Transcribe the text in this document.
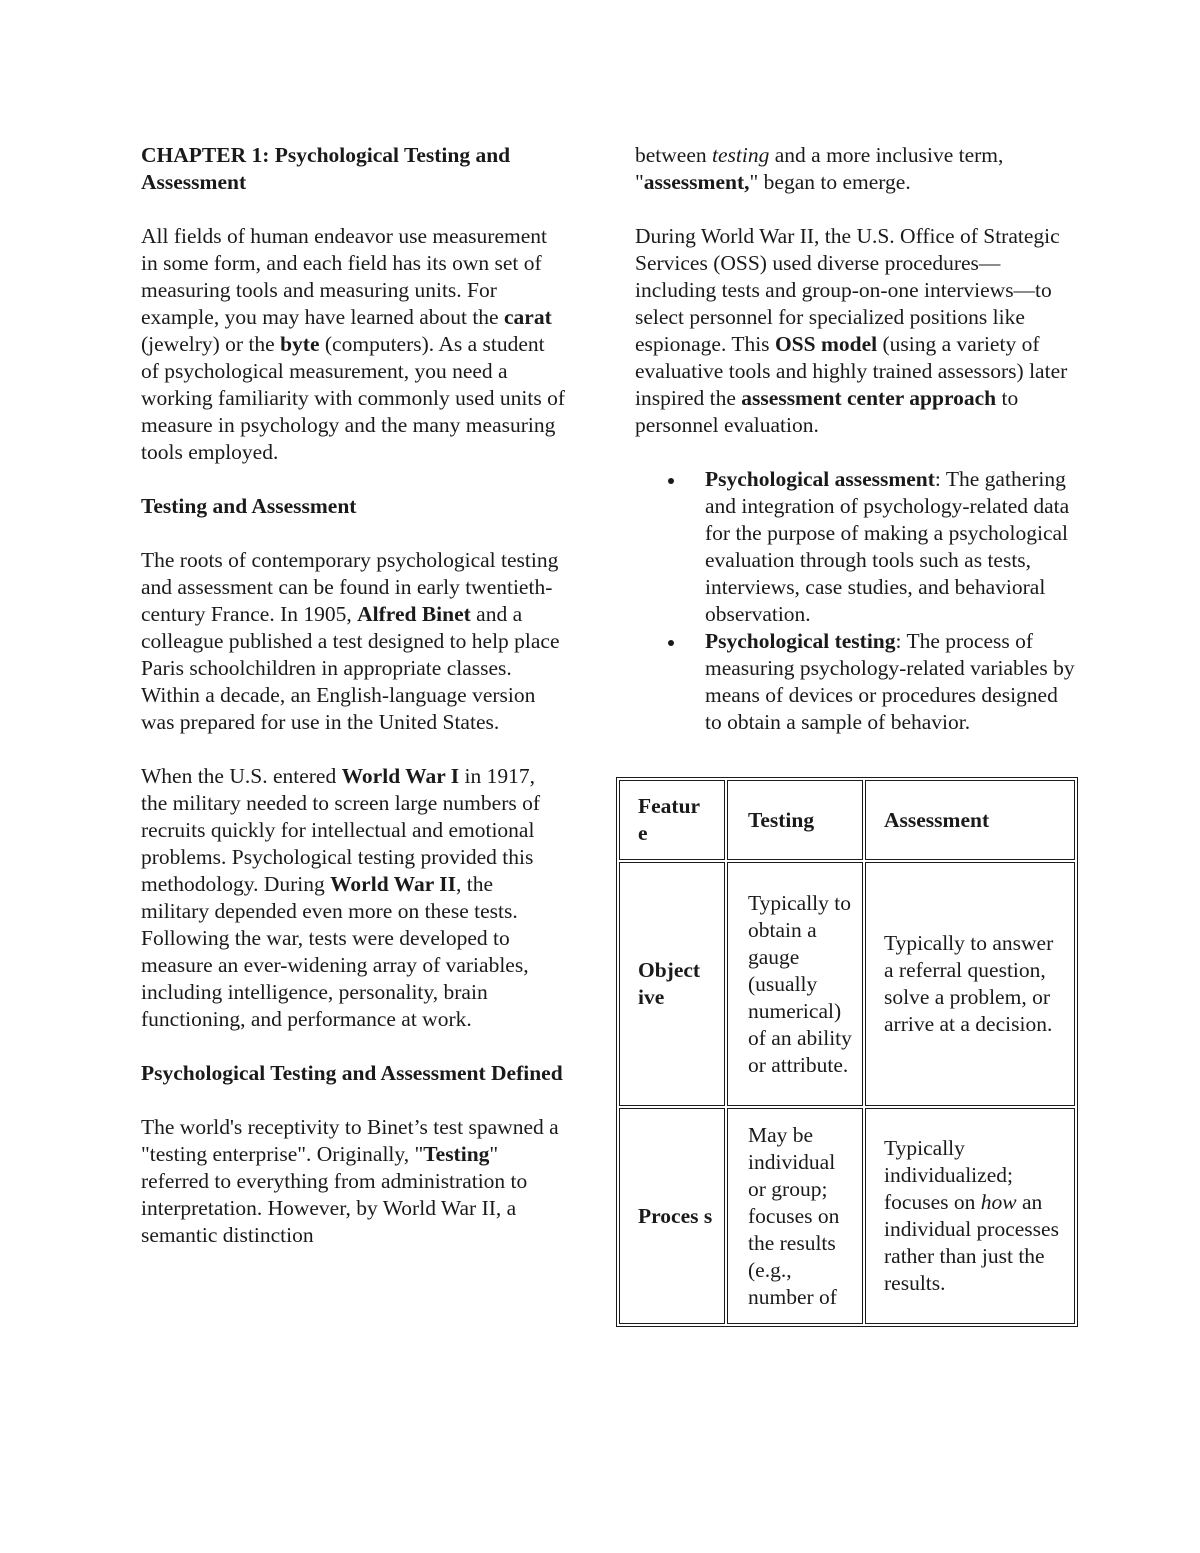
CHAPTER 1: Psychological Testing and Assessment

All fields of human endeavor use measurement in some form, and each field has its own set of measuring tools and measuring units. For example, you may have learned about the carat (jewelry) or the byte (computers). As a student of psychological measurement, you need a working familiarity with commonly used units of measure in psychology and the many measuring tools employed.

Testing and Assessment

The roots of contemporary psychological testing and assessment can be found in early twentieth-century France. In 1905, Alfred Binet and a colleague published a test designed to help place Paris schoolchildren in appropriate classes. Within a decade, an English-language version was prepared for use in the United States.

When the U.S. entered World War I in 1917, the military needed to screen large numbers of recruits quickly for intellectual and emotional problems. Psychological testing provided this methodology. During World War II, the military depended even more on these tests. Following the war, tests were developed to measure an ever-widening array of variables, including intelligence, personality, brain functioning, and performance at work.

Psychological Testing and Assessment Defined

The world's receptivity to Binet’s test spawned a "testing enterprise". Originally, "Testing" referred to everything from administration to interpretation. However, by World War II, a semantic distinction

between testing and a more inclusive term, "assessment," began to emerge.

During World War II, the U.S. Office of Strategic Services (OSS) used diverse procedures—including tests and group-on-one interviews—to select personnel for specialized positions like espionage. This OSS model (using a variety of evaluative tools and highly trained assessors) later inspired the assessment center approach to personnel evaluation.

Psychological assessment: The gathering and integration of psychology-related data for the purpose of making a psychological evaluation through tools such as tests, interviews, case studies, and behavioral observation.
Psychological testing: The process of measuring psychology-related variables by means of devices or procedures designed to obtain a sample of behavior.
Featur e	Testing	Assessment
Object ive	Typically to obtain a gauge (usually numerical) of an ability or attribute.	Typically to answer a referral question, solve a problem, or arrive at a decision.
Proces s	May be individual or group; focuses on the results (e.g., number of	Typically individualized; focuses on how an individual processes rather than just the results.
